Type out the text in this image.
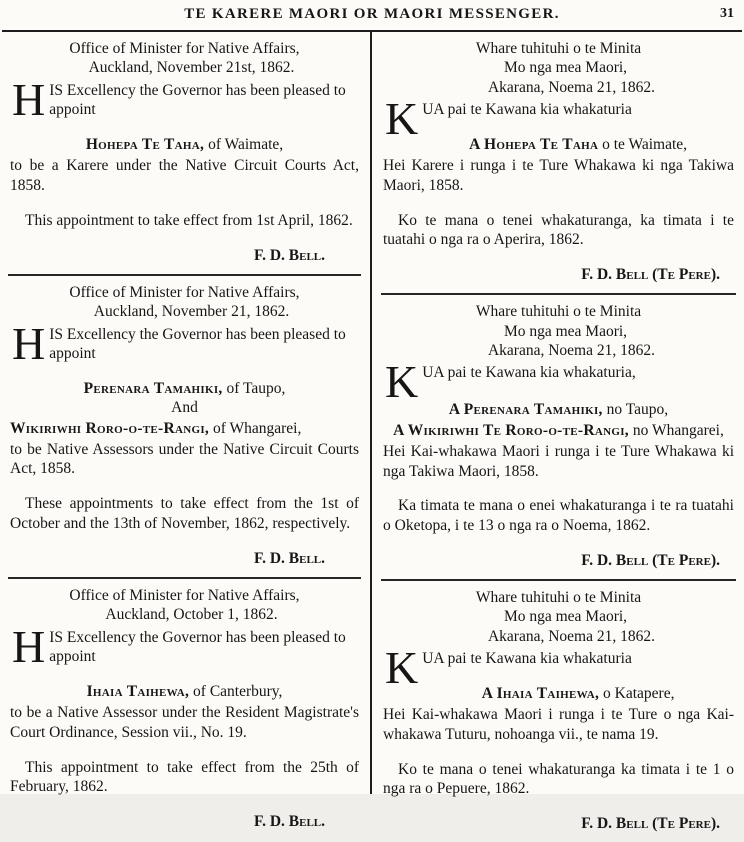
TE KARERE MAORI OR MAORI MESSENGER.	31
Office of Minister for Native Affairs,
Auckland, November 21st, 1862.

HIS Excellency the Governor has been pleased to appoint

Hohepa Te Taha, of Waimate,

to be a Karere under the Native Circuit Courts Act, 1858.

This appointment to take effect from 1st April, 1862.

F. D. Bell.
Office of Minister for Native Affairs,
Auckland, November 21, 1862.

HIS Excellency the Governor has been pleased to appoint

Perenara Tamahiki, of Taupo,
And
Wikiriwhi Roro-o-te-Rangi, of Whangarei,

to be Native Assessors under the Native Circuit Courts Act, 1858.

These appointments to take effect from the 1st of October and the 13th of November, 1862, respectively.

F. D. Bell.
Office of Minister for Native Affairs,
Auckland, October 1, 1862.

HIS Excellency the Governor has been pleased to appoint

Ihaia Taihewa, of Canterbury,

to be a Native Assessor under the Resident Magistrate's Court Ordinance, Session vii., No. 19.

This appointment to take effect from the 25th of February, 1862.

F. D. Bell.
Whare tuhituhi o te Minita
Mo nga mea Maori,
Akarana, Noema 21, 1862.

KUA pai te Kawana kia whakaturia

A Hohepa Te Taha o te Waimate,

Hei Karere i runga i te Ture Whakawa ki nga Takiwa Maori, 1858.

Ko te mana o tenei whakaturanga, ka timata i te tuatahi o nga ra o Aperira, 1862.

F. D. Bell (Te Pere).
Whare tuhituhi o te Minita
Mo nga mea Maori,
Akarana, Noema 21, 1862.

KUA pai te Kawana kia whakaturia,

A Perenara Tamahiki, no Taupo,
A Wikiriwhi Te Roro-o-te-Rangi, no Whangarei,

Hei Kai-whakawa Maori i runga i te Ture Whakawa ki nga Takiwa Maori, 1858.

Ka timata te mana o enei whakaturanga i te ra tuatahi o Oketopa, i te 13 o nga ra o Noema, 1862.

F. D. Bell (Te Pere).
Whare tuhituhi o te Minita
Mo nga mea Maori,
Akarana, Noema 21, 1862.

KUA pai te Kawana kia whakaturia

A Ihaia Taihewa, o Katapere,

Hei Kai-whakawa Maori i runga i te Ture o nga Kai-whakawa Tuturu, nohoanga vii., te nama 19.

Ko te mana o tenei whakaturanga ka timata i te 1 o nga ra o Pepuere, 1862.

F. D. Bell (Te Pere).
